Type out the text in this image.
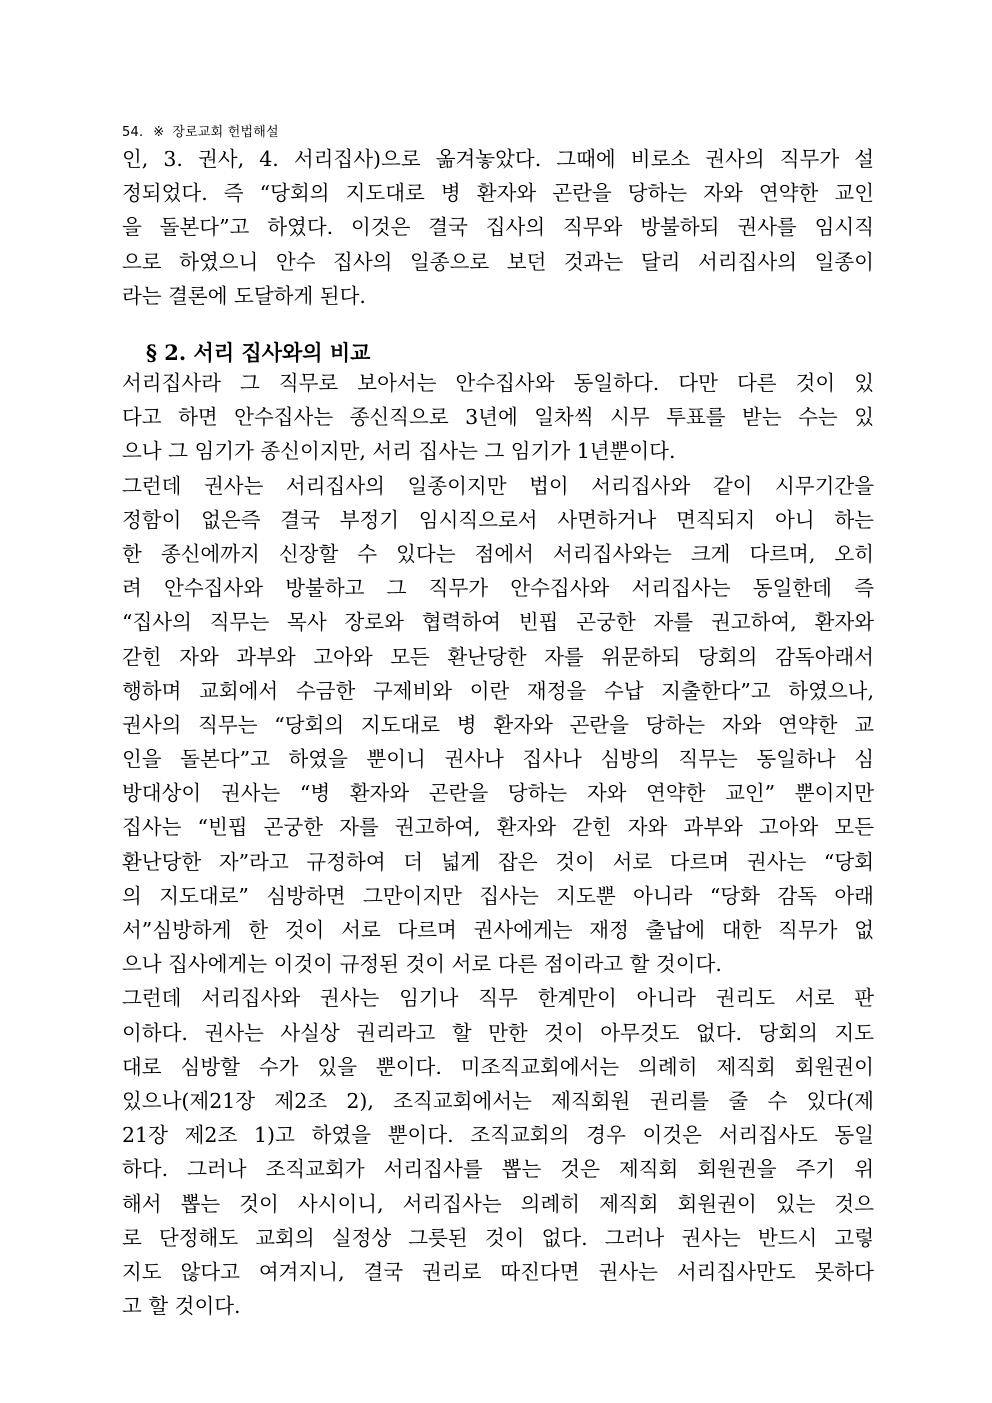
54. ※ 장로교회 헌법해설
인, 3. 권사, 4. 서리집사)으로 옮겨놓았다. 그때에 비로소 권사의 직무가 설
정되었다. 즉 “당회의 지도대로 병 환자와 곤란을 당하는 자와 연약한 교인
을 돌본다”고 하였다. 이것은 결국 집사의 직무와 방불하되 권사를 임시직
으로 하였으니 안수 집사의 일종으로 보던 것과는 달리 서리집사의 일종이
라는 결론에 도달하게 된다.
§ 2. 서리 집사와의 비교
서리집사라 그 직무로 보아서는 안수집사와 동일하다. 다만 다른 것이 있
다고 하면 안수집사는 종신직으로 3년에 일차씩 시무 투표를 받는 수는 있
으나 그 임기가 종신이지만, 서리 집사는 그 임기가 1년뿐이다.
그런데 권사는 서리집사의 일종이지만 법이 서리집사와 같이 시무기간을
정함이 없은즉 결국 부정기 임시직으로서 사면하거나 면직되지 아니 하는
한 종신에까지 신장할 수 있다는 점에서 서리집사와는 크게 다르며, 오히
려 안수집사와 방불하고 그 직무가 안수집사와 서리집사는 동일한데 즉
“집사의 직무는 목사 장로와 협력하여 빈핍 곤궁한 자를 권고하여, 환자와
갇힌 자와 과부와 고아와 모든 환난당한 자를 위문하되 당회의 감독아래서
행하며 교회에서 수금한 구제비와 이란 재정을 수납 지출한다”고 하였으나,
권사의 직무는 “당회의 지도대로 병 환자와 곤란을 당하는 자와 연약한 교
인을 돌본다”고 하였을 뿐이니 권사나 집사나 심방의 직무는 동일하나 심
방대상이 권사는 “병 환자와 곤란을 당하는 자와 연약한 교인” 뿐이지만
집사는 “빈핍 곤궁한 자를 권고하여, 환자와 갇힌 자와 과부와 고아와 모든
환난당한 자”라고 규정하여 더 넓게 잡은 것이 서로 다르며 권사는 “당회
의 지도대로” 심방하면 그만이지만 집사는 지도뿐 아니라 “당화 감독 아래
서”심방하게 한 것이 서로 다르며 권사에게는 재정 출납에 대한 직무가 없
으나 집사에게는 이것이 규정된 것이 서로 다른 점이라고 할 것이다.
그런데 서리집사와 권사는 임기나 직무 한계만이 아니라 권리도 서로 판
이하다. 권사는 사실상 권리라고 할 만한 것이 아무것도 없다. 당회의 지도
대로 심방할 수가 있을 뿐이다. 미조직교회에서는 의례히 제직회 회원권이
있으나(제21장 제2조 2), 조직교회에서는 제직회원 권리를 줄 수 있다(제
21장 제2조 1)고 하였을 뿐이다. 조직교회의 경우 이것은 서리집사도 동일
하다. 그러나 조직교회가 서리집사를 뽑는 것은 제직회 회원권을 주기 위
해서 뽑는 것이 사시이니, 서리집사는 의례히 제직회 회원권이 있는 것으
로 단정해도 교회의 실정상 그릇된 것이 없다. 그러나 권사는 반드시 고렇
지도 않다고 여겨지니, 결국 권리로 따진다면 권사는 서리집사만도 못하다
고 할 것이다.
